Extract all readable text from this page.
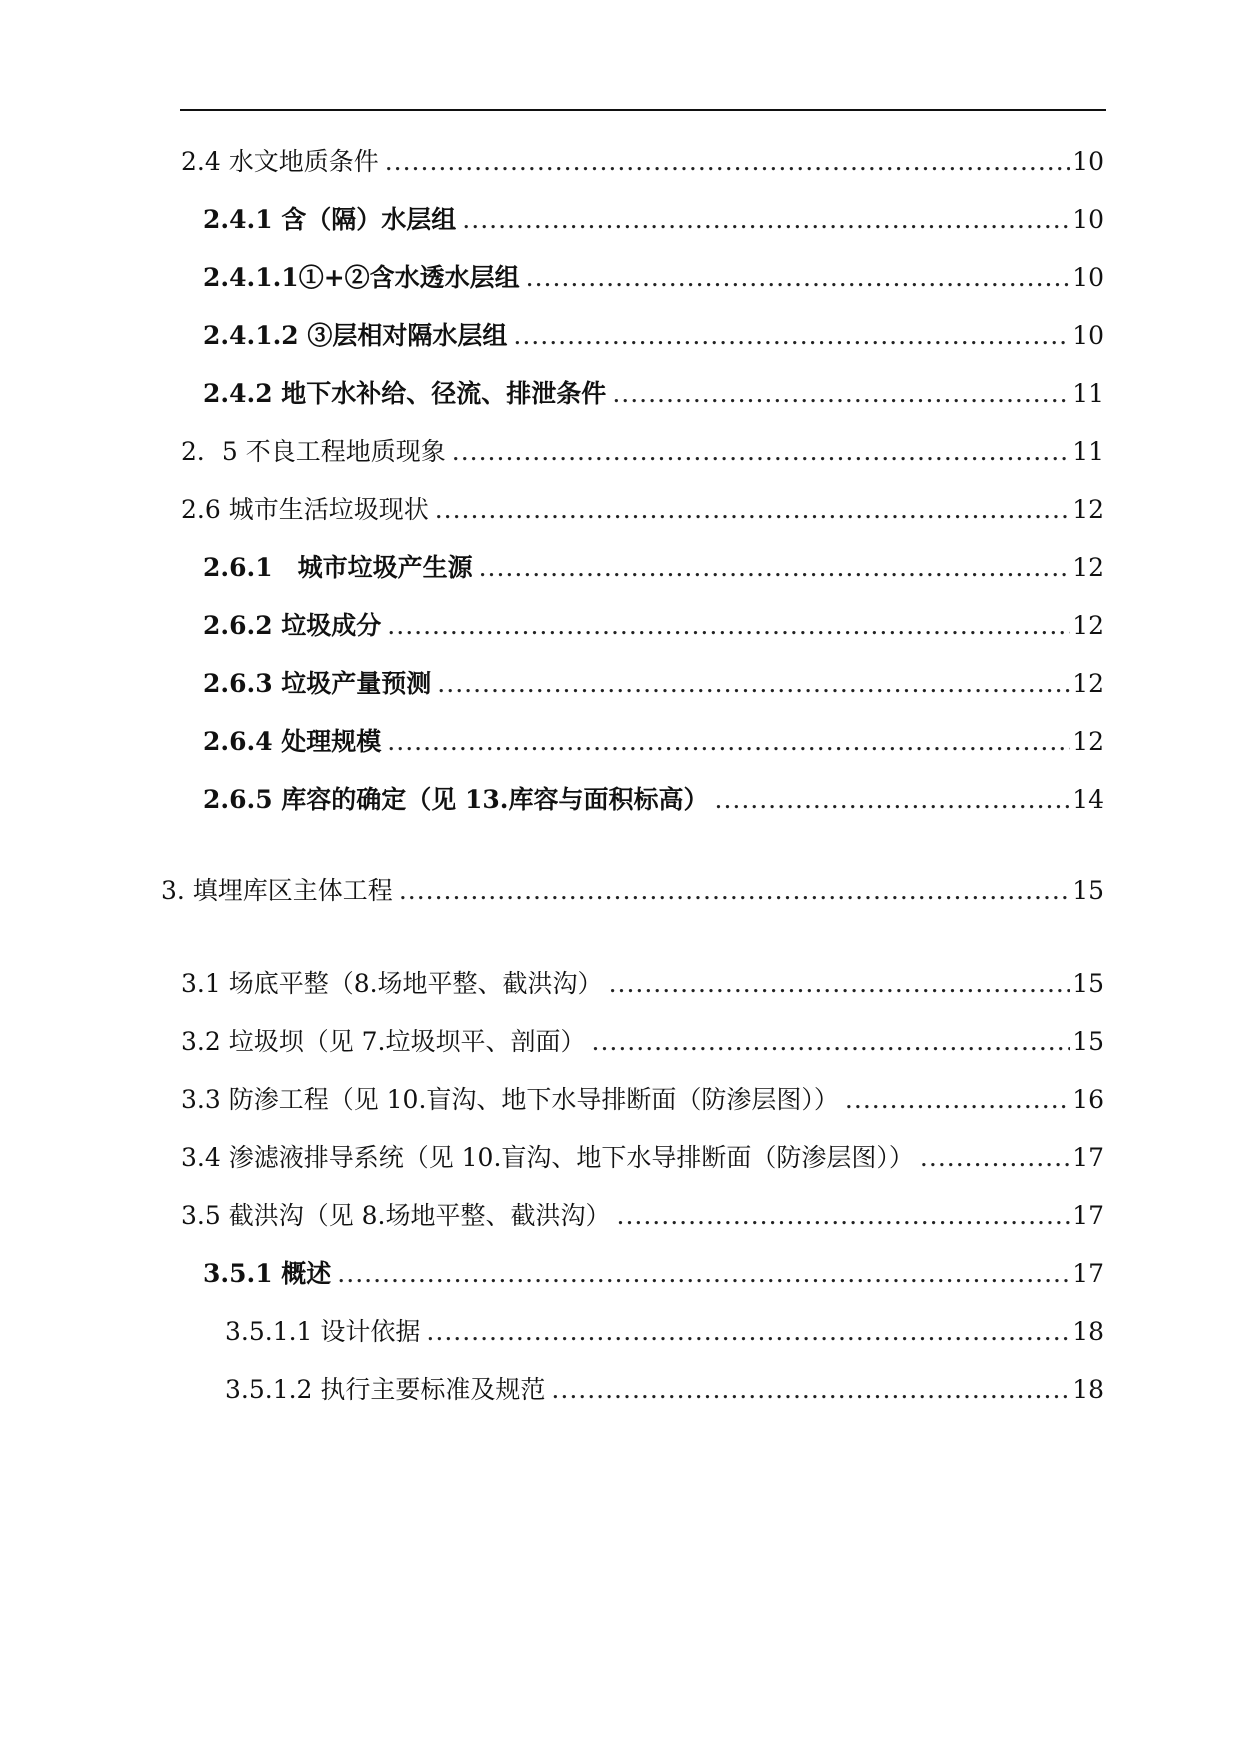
2.4 水文地质条件 .....	10
2.4.1 含（隔）水层组 .....	10
2.4.1.1①+②含水透水层组 .....	10
2.4.1.2 ③层相对隔水层组 .....	10
2.4.2 地下水补给、径流、排泄条件 .....	11
2．5 不良工程地质现象 .....	11
2.6 城市生活垃圾现状 .....	12
2.6.1　城市垃圾产生源 .....	12
2.6.2 垃圾成分 .....	12
2.6.3 垃圾产量预测 .....	12
2.6.4 处理规模 .....	12
2.6.5 库容的确定（见 13.库容与面积标高） .....	14
3. 填埋库区主体工程 .....	15
3.1 场底平整（8.场地平整、截洪沟） .....	15
3.2 垃圾坝（见 7.垃圾坝平、剖面） .....	15
3.3 防渗工程（见 10.盲沟、地下水导排断面（防渗层图）） .....	16
3.4 渗滤液排导系统（见 10.盲沟、地下水导排断面（防渗层图）） .....	17
3.5 截洪沟（见 8.场地平整、截洪沟） .....	17
3.5.1 概述 .....	17
3.5.1.1 设计依据 .....	18
3.5.1.2 执行主要标准及规范 .....	18
